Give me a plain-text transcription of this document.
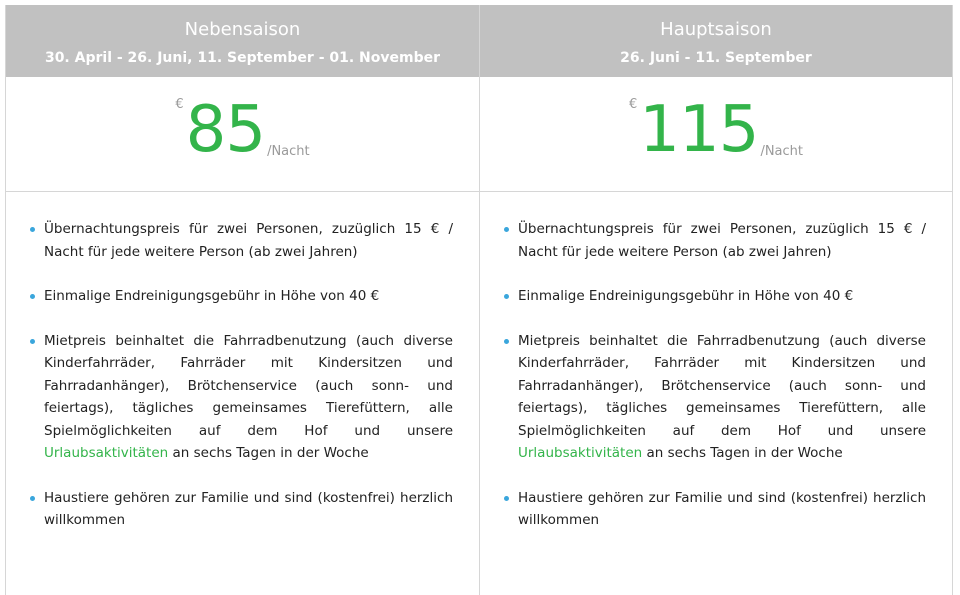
Nebensaison
30. April - 26. Juni, 11. September - 01. November
€ 85 /Nacht
Übernachtungspreis für zwei Personen, zuzüglich 15 € / Nacht für jede weitere Person (ab zwei Jahren)
Einmalige Endreinigungsgebühr in Höhe von 40 €
Mietpreis beinhaltet die Fahrradbenutzung (auch diverse Kinderfahrräder, Fahrräder mit Kindersitzen und Fahrradanhänger), Brötchenservice (auch sonn- und feiertags), tägliches gemeinsames Tierefüttern, alle Spielmöglichkeiten auf dem Hof und unsere Urlaubsaktivitäten an sechs Tagen in der Woche
Haustiere gehören zur Familie und sind (kostenfrei) herzlich willkommen
Hauptsaison
26. Juni - 11. September
€ 115 /Nacht
Übernachtungspreis für zwei Personen, zuzüglich 15 € / Nacht für jede weitere Person (ab zwei Jahren)
Einmalige Endreinigungsgebühr in Höhe von 40 €
Mietpreis beinhaltet die Fahrradbenutzung (auch diverse Kinderfahrräder, Fahrräder mit Kindersitzen und Fahrradanhänger), Brötchenservice (auch sonn- und feiertags), tägliches gemeinsames Tierefüttern, alle Spielmöglichkeiten auf dem Hof und unsere Urlaubsaktivitäten an sechs Tagen in der Woche
Haustiere gehören zur Familie und sind (kostenfrei) herzlich willkommen
